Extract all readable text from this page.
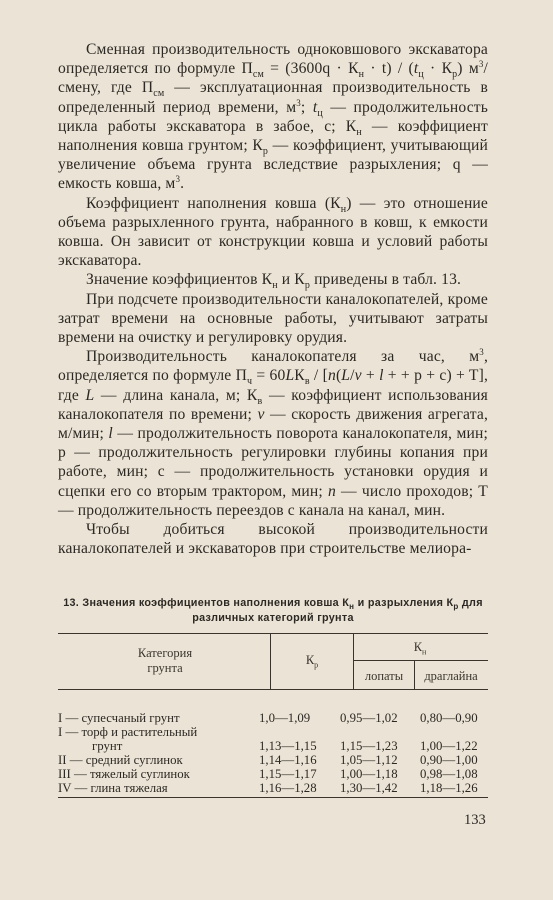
Сменная производительность одноковшового экскаватора определяется по формуле $П_{см} = (3600q \cdot К_н \cdot t) / (t_ц \cdot К_р)$ $м^3$/смену, где $П_{см}$ — эксплуатационная производительность в определенный период времени, $м^3$; $t_ц$ — продолжительность цикла работы экскаватора в забое, с; $К_н$ — коэффициент наполнения ковша грунтом; $К_р$ — коэффициент, учитывающий увеличение объема грунта вследствие разрыхления; q — емкость ковша, $м^3$.

Коэффициент наполнения ковша $(К_н)$ — это отношение объема разрыхленного грунта, набранного в ковш, к емкости ковша. Он зависит от конструкции ковша и условий работы экскаватора.

Значение коэффициентов $К_н$ и $К_р$ приведены в табл. 13.

При подсчете производительности каналокопателей, кроме затрат времени на основные работы, учитывают затраты времени на очистку и регулировку орудия.

Производительность каналокопателя за час, $м^3$, определяется по формуле $П_ч = 60LК_в / [n(L/v + l$ + + p + c) + T], где L — длина канала, м; $К_в$ — коэффициент использования каналокопателя по времени; v — скорость движения агрегата, м/мин; l — продолжительность поворота каналокопателя, мин; р — продолжительность регулировки глубины копания при работе, мин; с — продолжительность установки орудия и сцепки его со вторым трактором, мин; n — число проходов; Т — продолжительность переездов с канала на канал, мин.

Чтобы добиться высокой производительности каналокопателей и экскаваторов при строительстве мелиора-

13. Значения коэффициентов наполнения ковша $К_н$ и разрыхления $К_р$ для различных категорий грунта
Категория грунта
$К_р$
$К_н$
лопаты	драглайна
I — супесчаный грунт	1,0—1,09 0,95—1,02 0,80—0,90
I — торф и растительный
грунт	1,13—1,15 1,15—1,23 1,00—1,22
II — средний суглинок	1,14—1,16 1,05—1,12 0,90—1,00
III — тяжелый суглинок	1,15—1,17 1,00—1,18 0,98—1,08
IV — глина тяжелая	1,16—1,28 1,30—1,42 1,18—1,26
133
